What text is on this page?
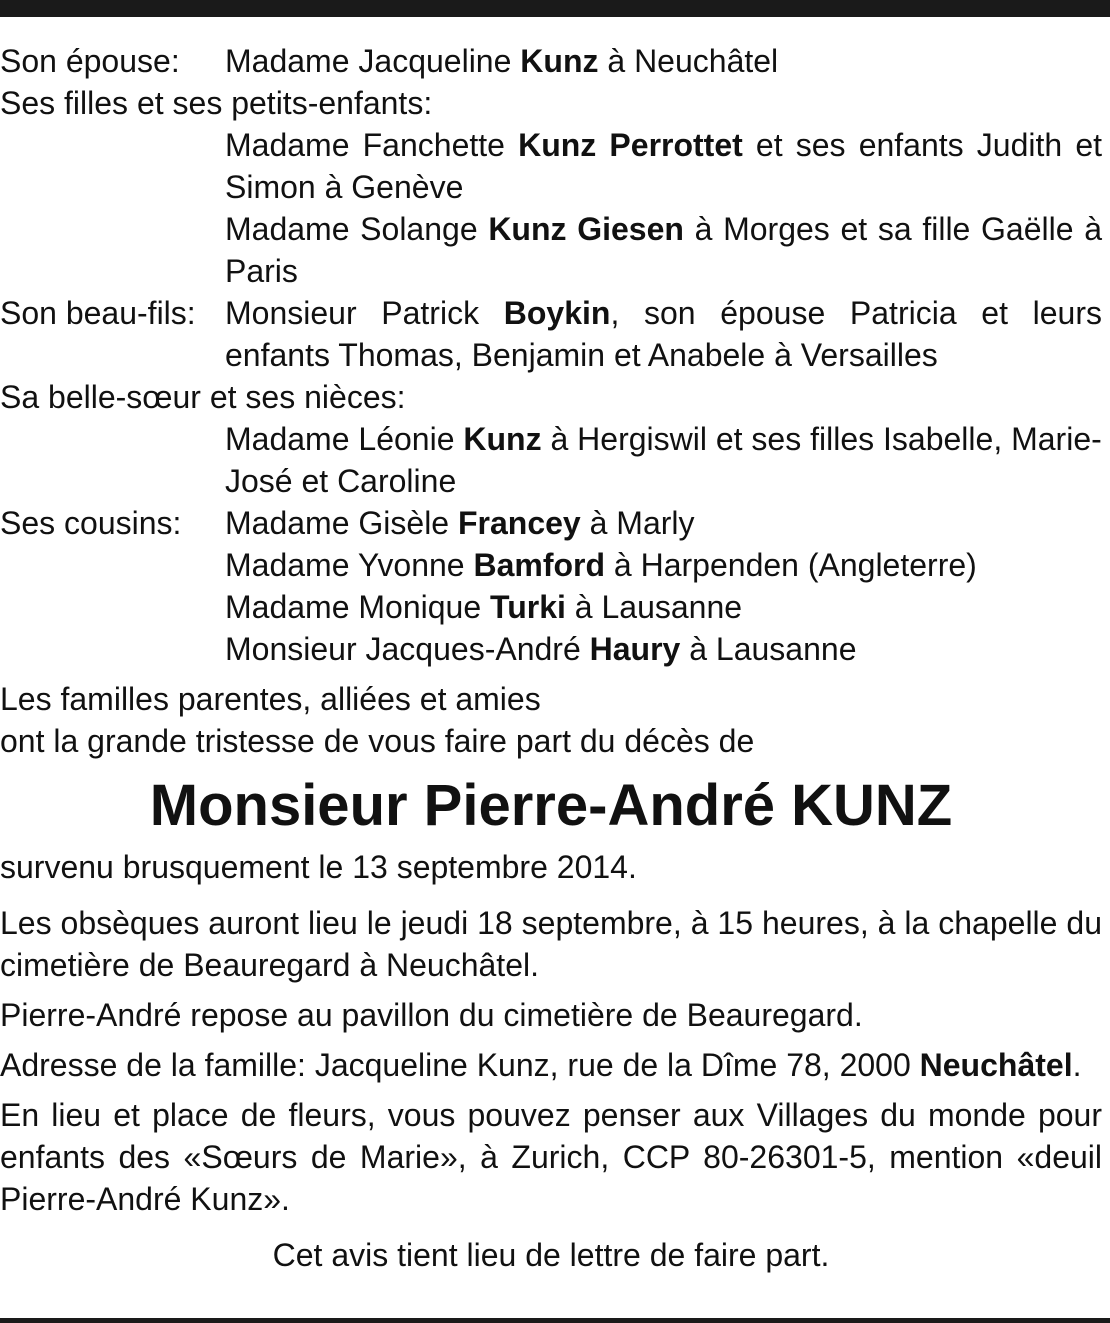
Son épouse:	Madame Jacqueline Kunz à Neuchâtel
Ses filles et ses petits-enfants:
Madame Fanchette Kunz Perrottet et ses enfants Judith et Simon à Genève
Madame Solange Kunz Giesen à Morges et sa fille Gaëlle à Paris
Son beau-fils: Monsieur Patrick Boykin, son épouse Patricia et leurs enfants Thomas, Benjamin et Anabele à Versailles
Sa belle-sœur et ses nièces:
Madame Léonie Kunz à Hergiswil et ses filles Isabelle, Marie-José et Caroline
Ses cousins:	Madame Gisèle Francey à Marly
Madame Yvonne Bamford à Harpenden (Angleterre)
Madame Monique Turki à Lausanne
Monsieur Jacques-André Haury à Lausanne
Les familles parentes, alliées et amies
ont la grande tristesse de vous faire part du décès de
Monsieur Pierre-André KUNZ
survenu brusquement le 13 septembre 2014.
Les obsèques auront lieu le jeudi 18 septembre, à 15 heures, à la chapelle du cimetière de Beauregard à Neuchâtel.
Pierre-André repose au pavillon du cimetière de Beauregard.
Adresse de la famille: Jacqueline Kunz, rue de la Dîme 78, 2000 Neuchâtel.
En lieu et place de fleurs, vous pouvez penser aux Villages du monde pour enfants des «Sœurs de Marie», à Zurich, CCP 80-26301-5, mention «deuil Pierre-André Kunz».
Cet avis tient lieu de lettre de faire part.
